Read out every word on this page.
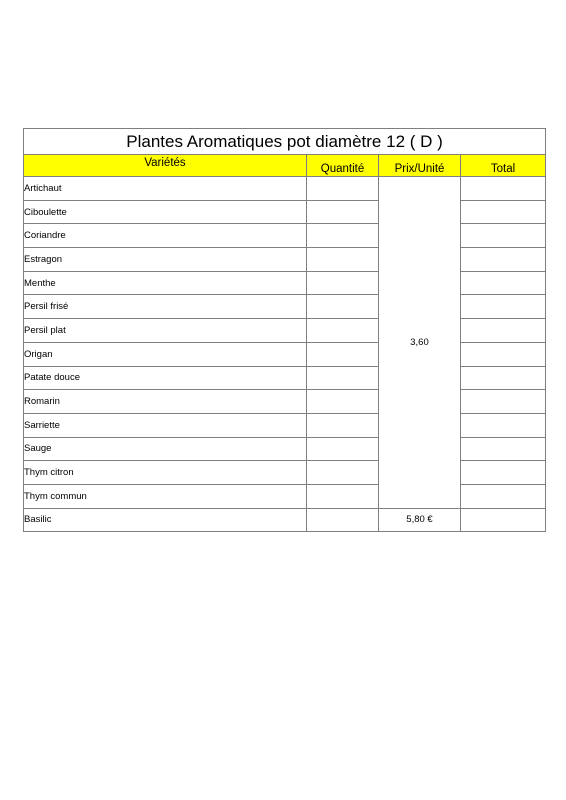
Plantes Aromatiques pot diamètre 12 ( D )			
Variétés	Quantité	Prix/Unité	Total
Artichaut		3,60	
Ciboulette			
Coriandre			
Estragon			
Menthe			
Persil frisé			
Persil plat			
Origan			
Patate douce			
Romarin			
Sarriette			
Sauge			
Thym citron			
Thym commun			
Basilic		5,80 €	
